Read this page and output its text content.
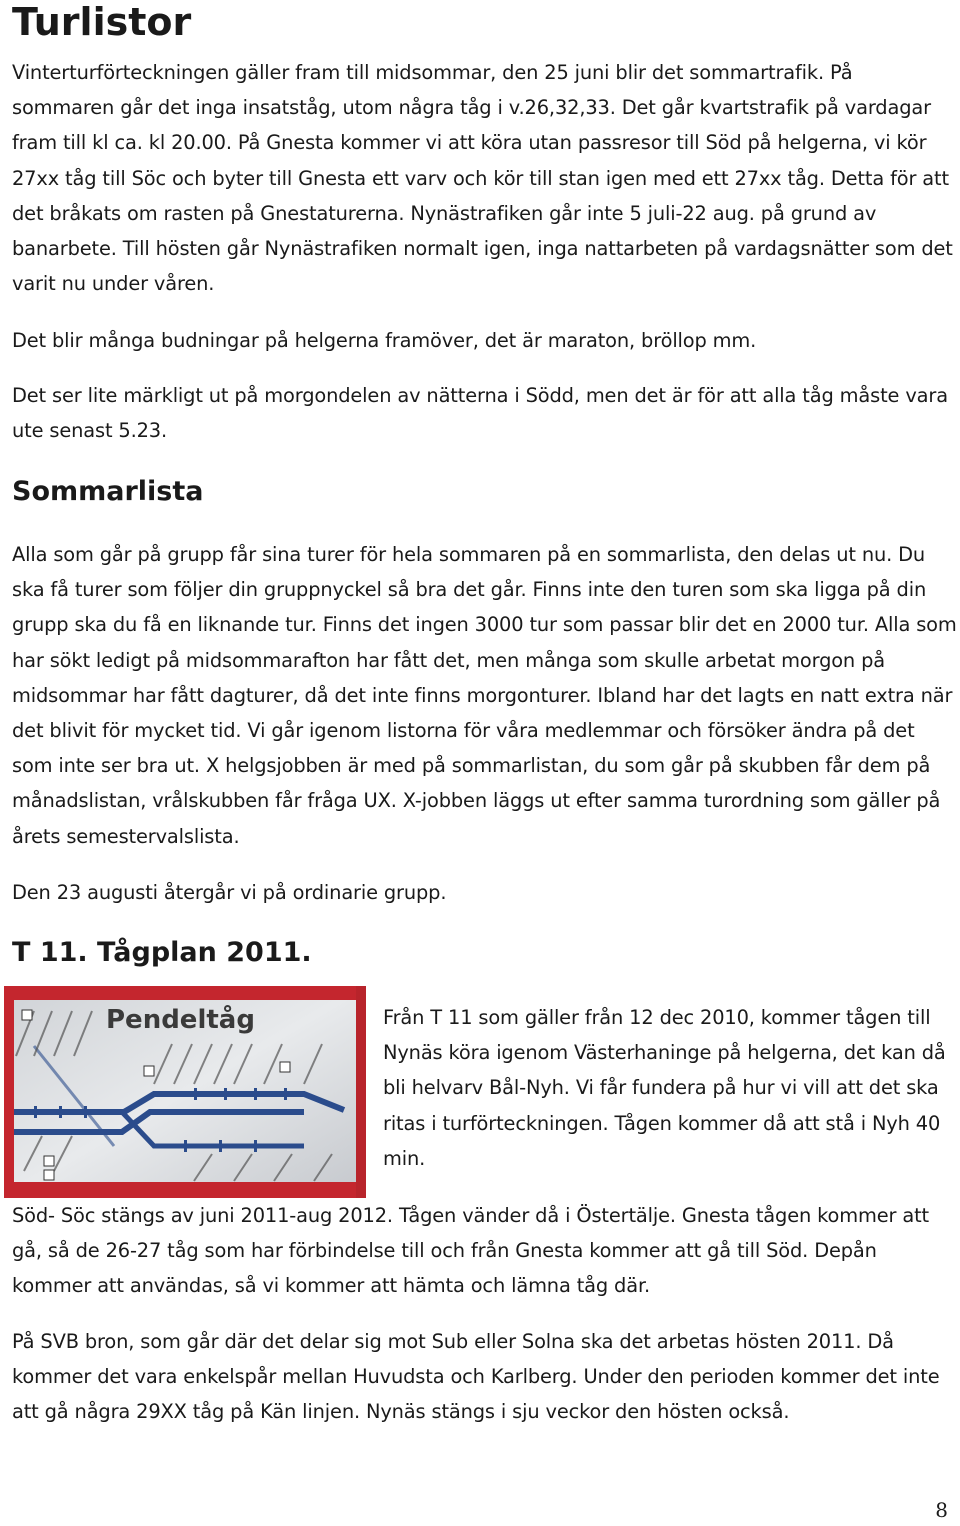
Turlistor

Vinterturförteckningen gäller fram till midsommar, den 25 juni blir det sommartrafik. På sommaren går det inga insatståg, utom några tåg i v.26,32,33. Det går kvartstrafik på vardagar fram till kl ca. kl 20.00. På Gnesta kommer vi att köra utan passresor till Söd på helgerna, vi kör 27xx tåg till Söc och byter till Gnesta ett varv och kör till stan igen med ett 27xx tåg. Detta för att det bråkats om rasten på Gnestaturerna. Nynästrafiken går inte 5 juli-22 aug. på grund av banarbete. Till hösten går Nynästrafiken normalt igen, inga nattarbeten på vardagsnätter som det varit nu under våren.

Det blir många budningar på helgerna framöver, det är maraton, bröllop mm.

Det ser lite märkligt ut på morgondelen av nätterna i Södd, men det är för att alla tåg måste vara ute senast 5.23.

Sommarlista

Alla som går på grupp får sina turer för hela sommaren på en sommarlista, den delas ut nu. Du ska få turer som följer din gruppnyckel så bra det går. Finns inte den turen som ska ligga på din grupp ska du få en liknande tur. Finns det ingen 3000 tur som passar blir det en 2000 tur. Alla som har sökt ledigt på midsommarafton har fått det, men många som skulle arbetat morgon på midsommar har fått dagturer, då det inte finns morgonturer. Ibland har det lagts en natt extra när det blivit för mycket tid. Vi går igenom listorna för våra medlemmar och försöker ändra på det som inte ser bra ut. X helgsjobben är med på sommarlistan, du som går på skubben får dem på månadslistan, vrålskubben får fråga UX. X-jobben läggs ut efter samma turordning som gäller på årets semestervalslista.

Den 23 augusti återgår vi på ordinarie grupp.

T 11. Tågplan 2011.
Pendeltåg	Från T 11 som gäller från 12 dec 2010, kommer tågen till Nynäs köra igenom Västerhaninge på helgerna, det kan då bli helvarv Bål-Nyh. Vi får fundera på hur vi vill att det ska ritas i turförteckningen. Tågen kommer då att stå i Nyh 40 min.

Söd- Söc stängs av juni 2011-aug 2012. Tågen vänder då i Östertälje. Gnesta tågen kommer att gå, så de 26-27 tåg som har förbindelse till och från Gnesta kommer att gå till Söd. Depån kommer att användas, så vi kommer att hämta och lämna tåg där.

På SVB bron, som går där det delar sig mot Sub eller Solna ska det arbetas hösten 2011. Då kommer det vara enkelspår mellan Huvudsta och Karlberg. Under den perioden kommer det inte att gå några 29XX tåg på Kän linjen. Nynäs stängs i sju veckor den hösten också.

8
